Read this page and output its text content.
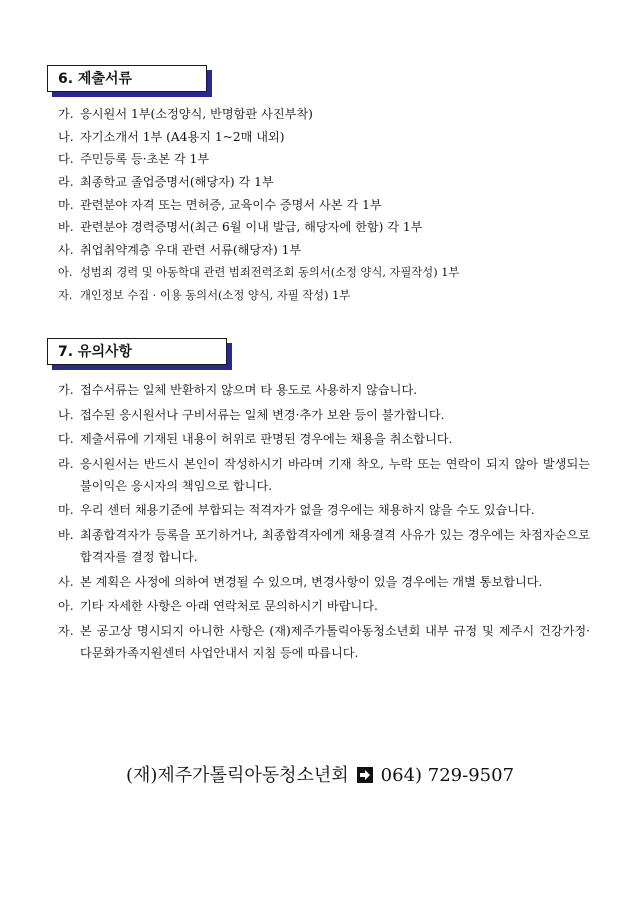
6. 제출서류
가. 응시원서 1부(소정양식, 반명함판 사진부착)
나. 자기소개서 1부 (A4용지 1~2매 내외)
다. 주민등록 등·초본 각 1부
라. 최종학교 졸업증명서(해당자) 각 1부
마. 관련분야 자격 또는 면허증, 교육이수 증명서 사본 각 1부
바. 관련분야 경력증명서(최근 6월 이내 발급, 해당자에 한함) 각 1부
사. 취업취약계층 우대 관련 서류(해당자) 1부
아. 성범죄 경력 및 아동학대 관련 범죄전력조회 동의서(소정 양식, 자필작성) 1부
자. 개인정보 수집 · 이용 동의서(소정 양식, 자필 작성) 1부
7. 유의사항
가. 접수서류는 일체 반환하지 않으며 타 용도로 사용하지 않습니다.
나. 접수된 응시원서나 구비서류는 일체 변경·추가 보완 등이 불가합니다.
다. 제출서류에 기재된 내용이 허위로 판명된 경우에는 채용을 취소합니다.
라. 응시원서는 반드시 본인이 작성하시기 바라며 기재 착오, 누락 또는 연락이 되지 않아 발생되는 불이익은 응시자의 책임으로 합니다.
마. 우리 센터 채용기준에 부합되는 적격자가 없을 경우에는 채용하지 않을 수도 있습니다.
바. 최종합격자가 등록을 포기하거나, 최종합격자에게 채용결격 사유가 있는 경우에는 차점자순으로 합격자를 결정 합니다.
사. 본 계획은 사정에 의하여 변경될 수 있으며, 변경사항이 있을 경우에는 개별 통보합니다.
아. 기타 자세한 사항은 아래 연락처로 문의하시기 바랍니다.
자. 본 공고상 명시되지 아니한 사항은 (재)제주가톨릭아동청소년회 내부 규정 및 제주시 건강가정·다문화가족지원센터 사업안내서 지침 등에 따릅니다.
(재)제주가톨릭아동청소년회 064) 729-9507
